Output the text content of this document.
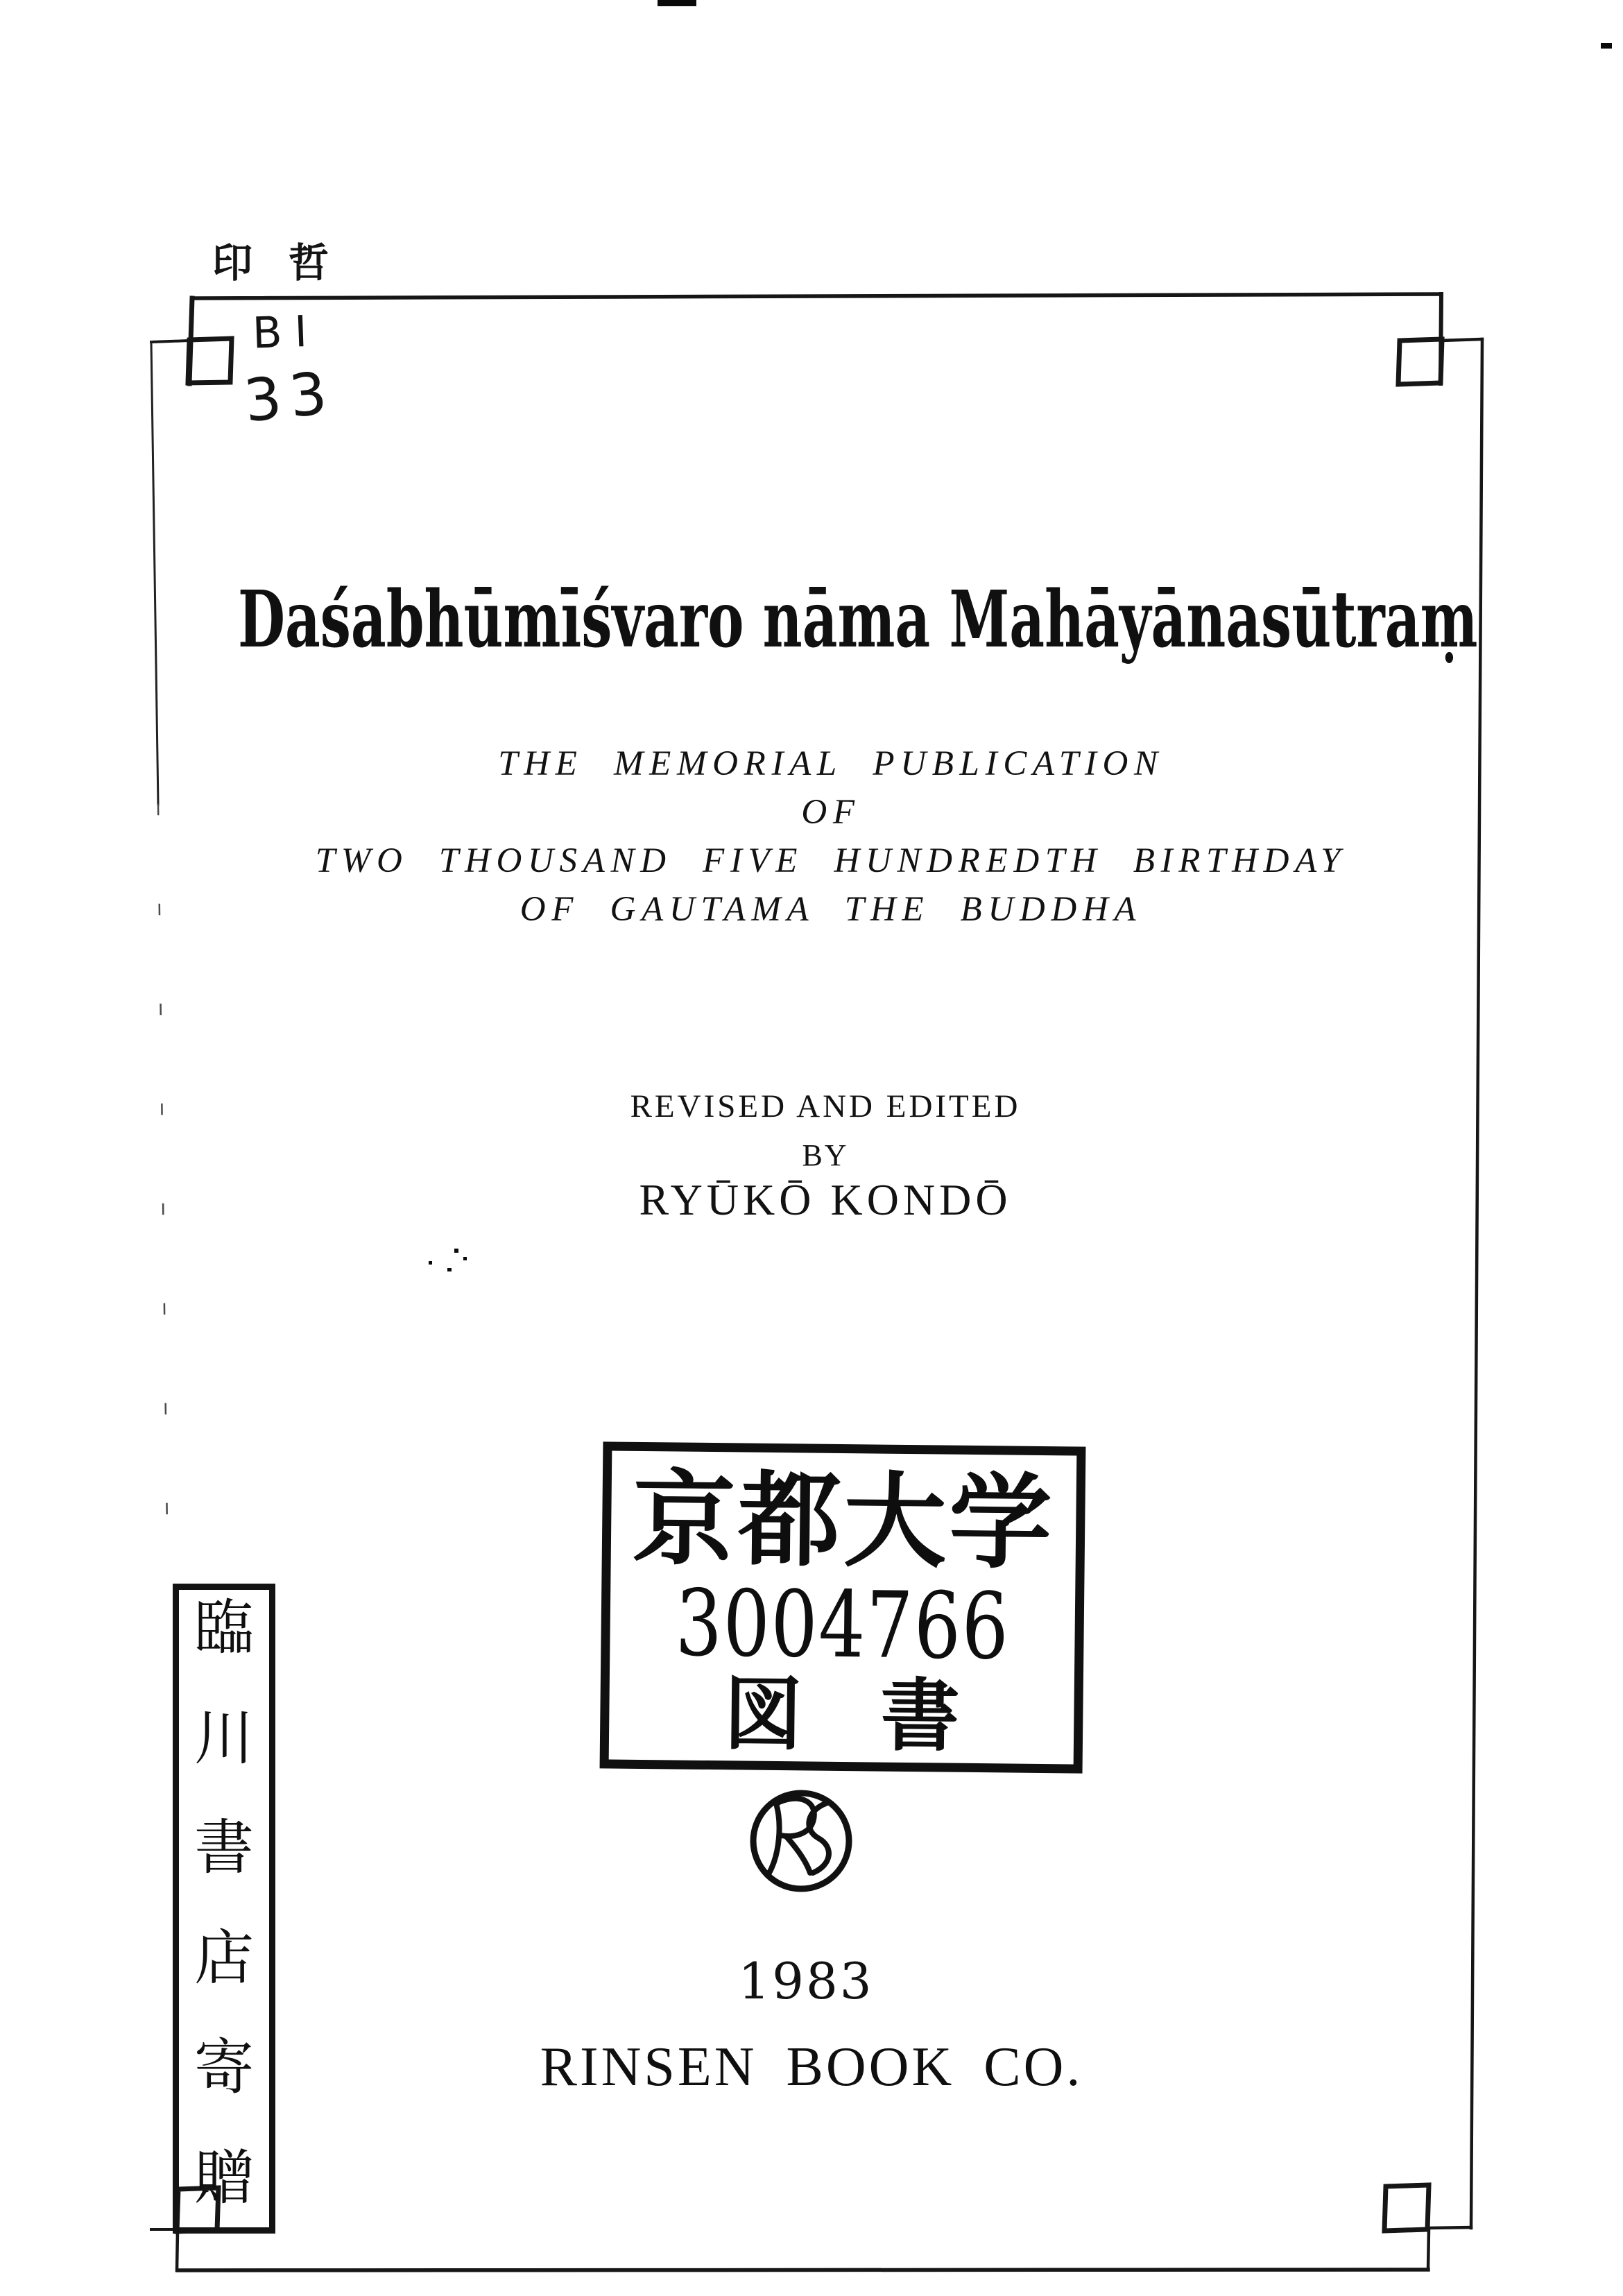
印 哲
BI
33
Daśabhūmīśvaro nāma Mahāyānasūtraṃ
THE MEMORIAL PUBLICATION
OF
TWO THOUSAND FIVE HUNDREDTH BIRTHDAY
OF GAUTAMA THE BUDDHA
REVISED AND EDITED
BY
RYŪKŌ KONDŌ
京都大学
3004766
図 書
1983
RINSEN BOOK CO.
臨
川
書
店
寄
贈
